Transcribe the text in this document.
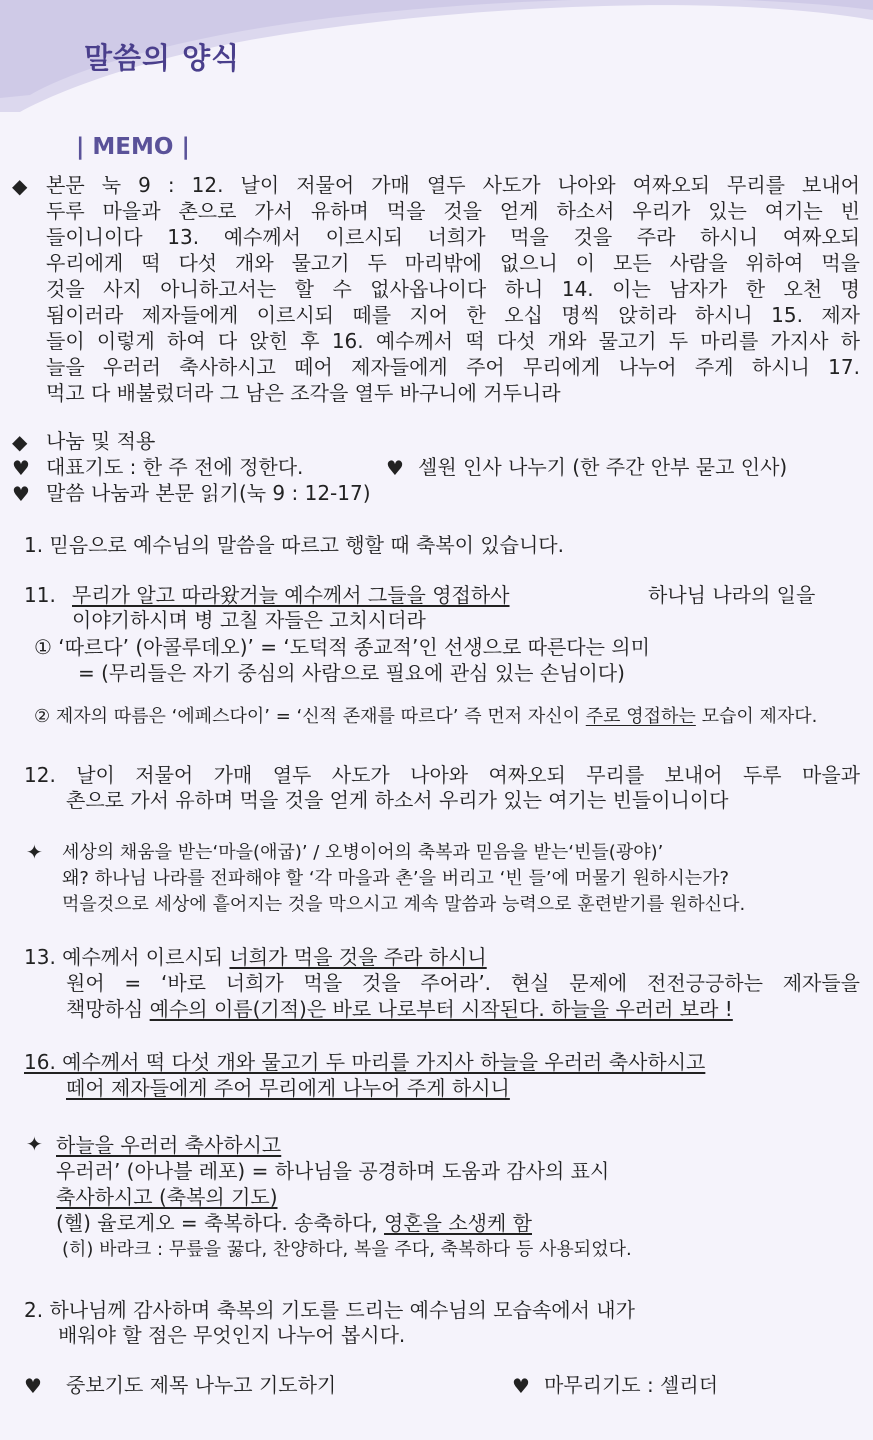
말씀의 양식
| MEMO |
◆ 본문 눅 9 : 12. 날이 저물어 가매 열두 사도가 나아와 여짜오되 무리를 보내어
두루 마을과 촌으로 가서 유하며 먹을 것을 얻게 하소서 우리가 있는 여기는 빈
들이니이다 13. 예수께서 이르시되 너희가 먹을 것을 주라 하시니 여짜오되
우리에게 떡 다섯 개와 물고기 두 마리밖에 없으니 이 모든 사람을 위하여 먹을
것을 사지 아니하고서는 할 수 없사옵나이다 하니 14. 이는 남자가 한 오천 명
됨이러라 제자들에게 이르시되 떼를 지어 한 오십 명씩 앉히라 하시니 15. 제자
들이 이렇게 하여 다 앉힌 후 16. 예수께서 떡 다섯 개와 물고기 두 마리를 가지사 하
늘을 우러러 축사하시고 떼어 제자들에게 주어 무리에게 나누어 주게 하시니 17.
먹고 다 배불렀더라 그 남은 조각을 열두 바구니에 거두니라
◆ 나눔 및 적용
♥ 대표기도 : 한 주 전에 정한다.	♥ 셀원 인사 나누기 (한 주간 안부 묻고 인사)
♥ 말씀 나눔과 본문 읽기(눅 9 : 12-17)
1. 믿음으로 예수님의 말씀을 따르고 행할 때 축복이 있습니다.
11. 무리가 알고 따라왔거늘 예수께서 그들을 영접하사	하나님 나라의 일을
이야기하시며 병 고칠 자들은 고치시더라
① ‘따르다’ (아콜루데오)’ = ‘도덕적 종교적’인 선생으로 따른다는 의미
= (무리들은 자기 중심의 사람으로 필요에 관심 있는 손님이다)
② 제자의 따름은 ‘에페스다이’ = ‘신적 존재를 따르다’ 즉 먼저 자신이 주로 영접하는 모습이 제자다.
12. 날이 저물어 가매 열두 사도가 나아와 여짜오되 무리를 보내어 두루 마을과
촌으로 가서 유하며 먹을 것을 얻게 하소서 우리가 있는 여기는 빈들이니이다
✦ 세상의 채움을 받는‘마을(애굽)’ / 오병이어의 축복과 믿음을 받는‘빈들(광야)’
왜? 하나님 나라를 전파해야 할 ‘각 마을과 촌’을 버리고 ‘빈 들’에 머물기 원하시는가?
먹을것으로 세상에 흩어지는 것을 막으시고 계속 말씀과 능력으로 훈련받기를 원하신다.
13. 예수께서 이르시되 너희가 먹을 것을 주라 하시니
원어 = ‘바로 너희가 먹을 것을 주어라’. 현실 문제에 전전긍긍하는 제자들을
책망하심 예수의 이름(기적)은 바로 나로부터 시작된다. 하늘을 우러러 보라 !
16. 예수께서 떡 다섯 개와 물고기 두 마리를 가지사 하늘을 우러러 축사하시고
떼어 제자들에게 주어 무리에게 나누어 주게 하시니
✦ 하늘을 우러러 축사하시고
우러러’ (아나블 레포) = 하나님을 공경하며 도움과 감사의 표시
축사하시고 (축복의 기도)
(헬) 율로게오 = 축복하다. 송축하다, 영혼을 소생케 함
(히) 바라크 : 무릎을 꿇다, 찬양하다, 복을 주다, 축복하다 등 사용되었다.
2. 하나님께 감사하며 축복의 기도를 드리는 예수님의 모습속에서 내가
배워야 할 점은 무엇인지 나누어 봅시다.
♥ 중보기도 제목 나누고 기도하기	♥ 마무리기도 : 셀리더
